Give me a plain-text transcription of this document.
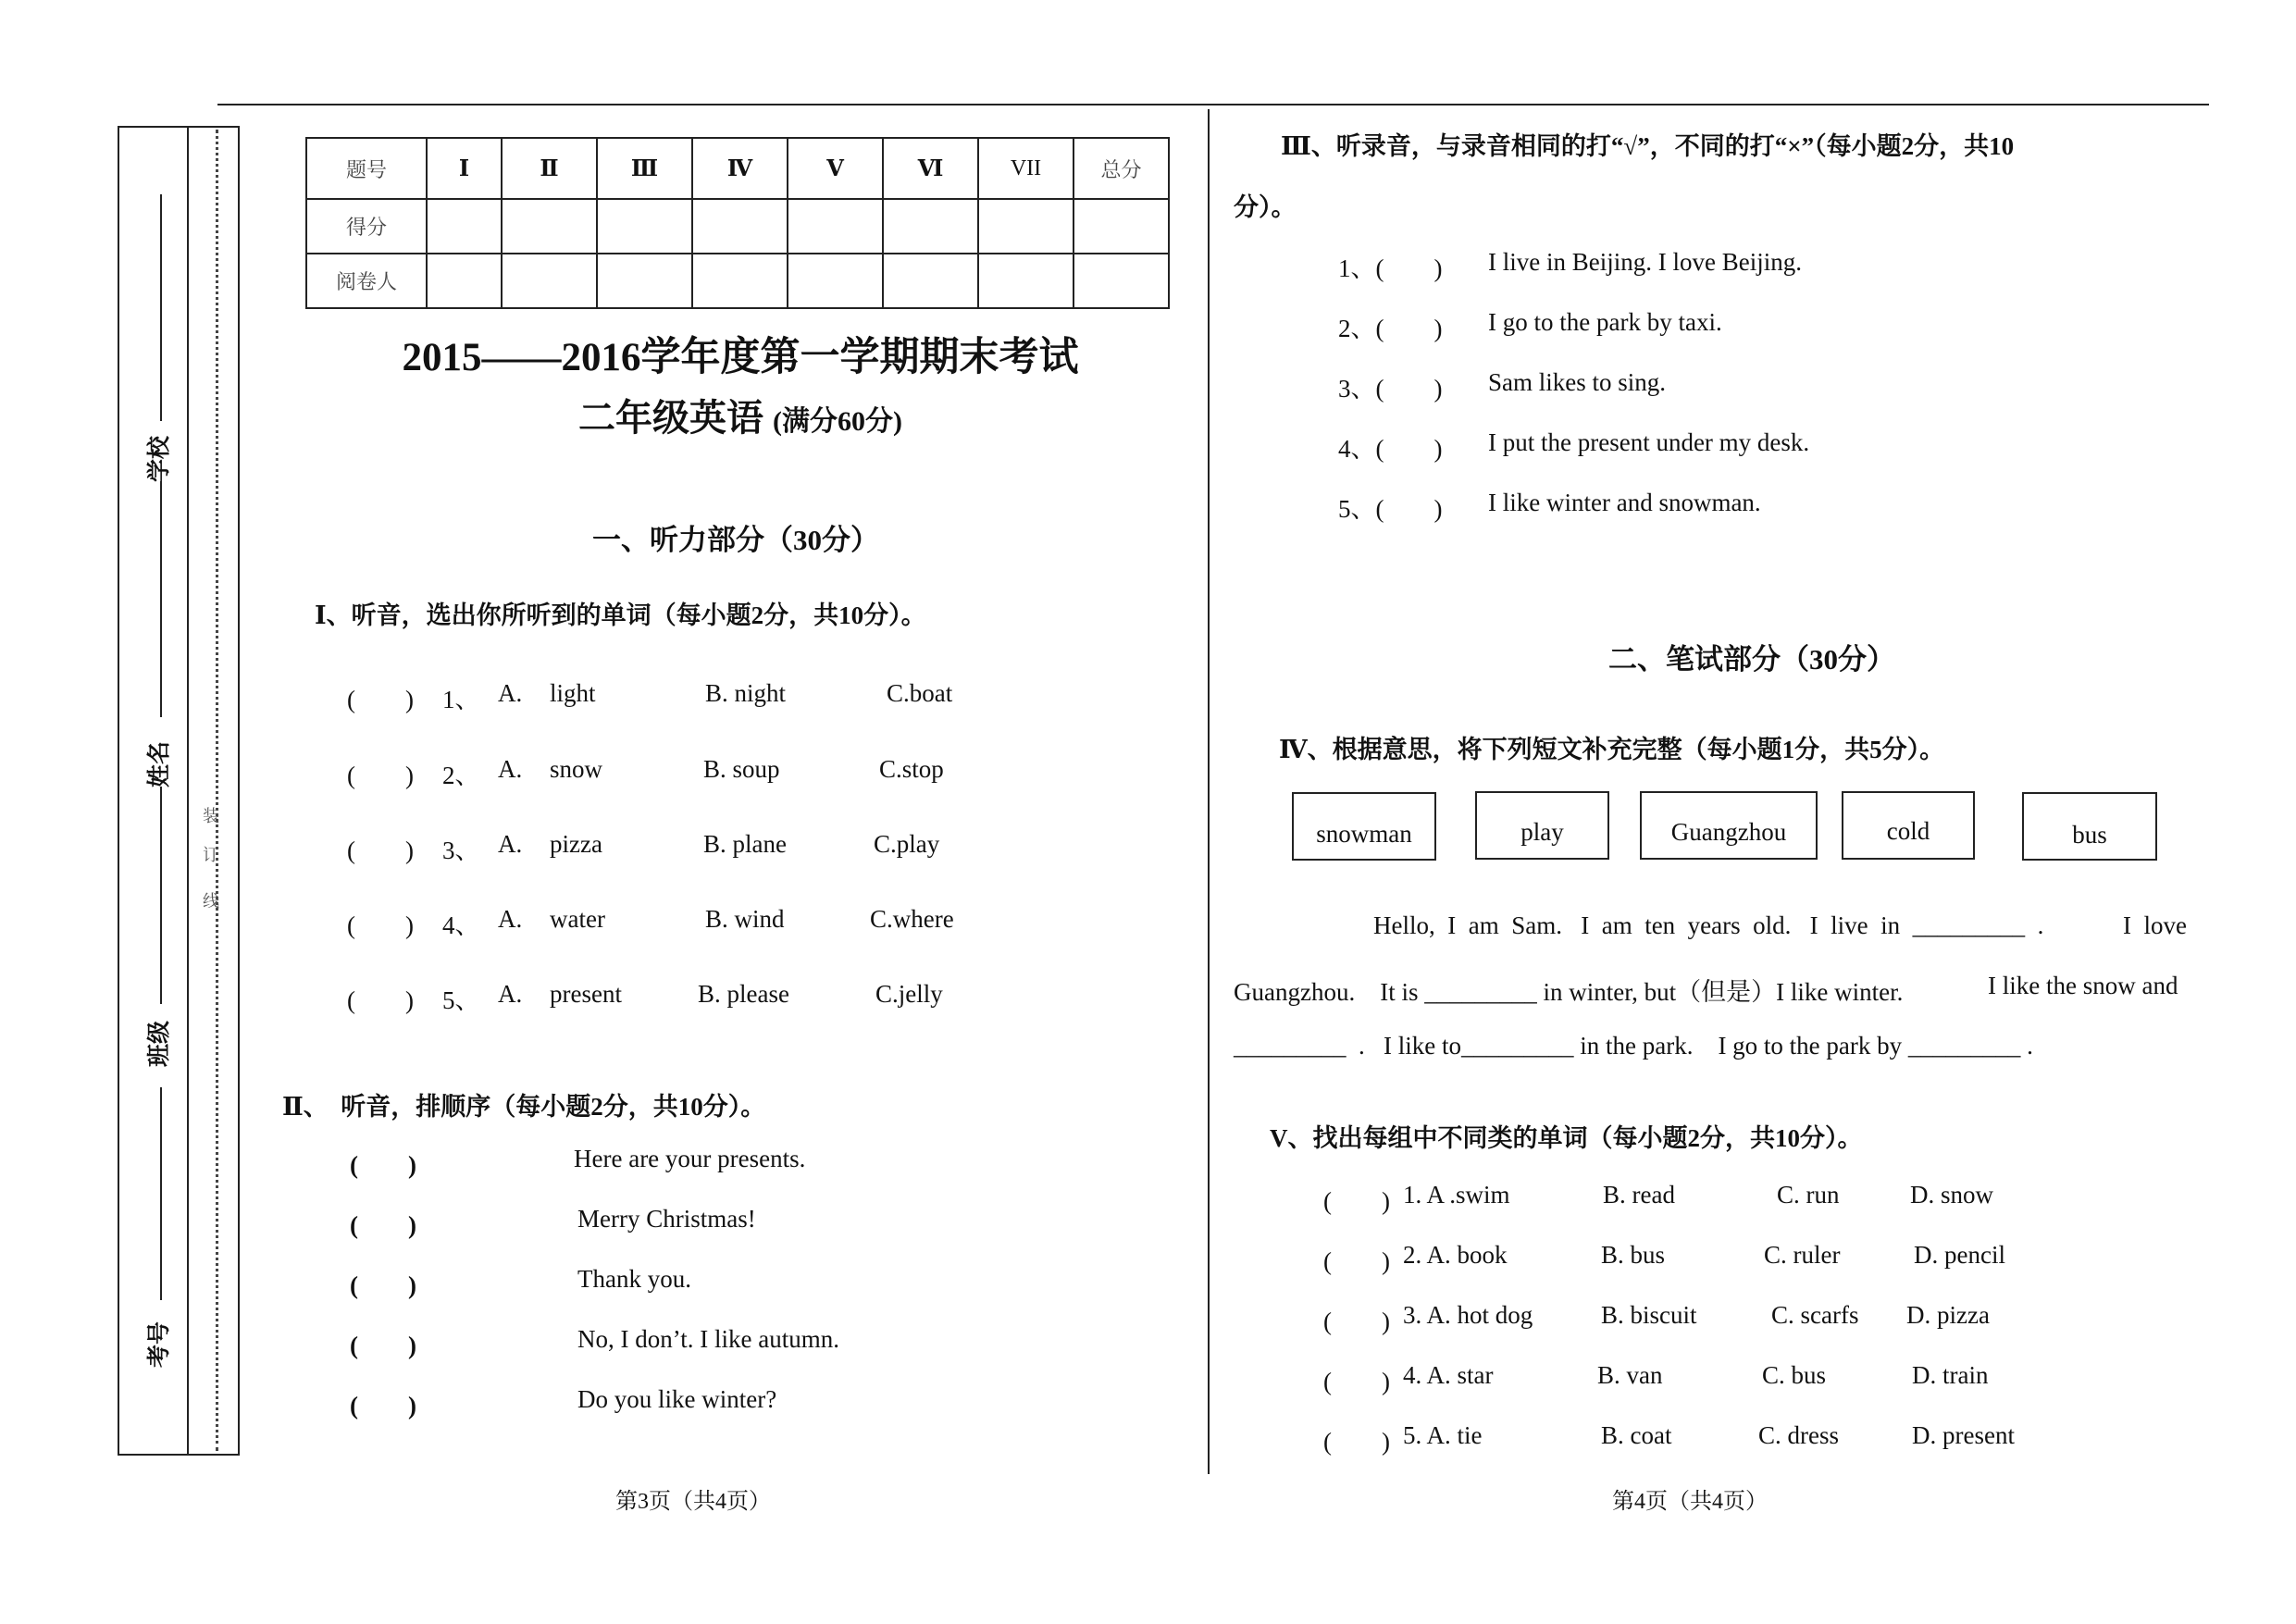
学校
姓名
班级
考号
装
订
线
题号	Ⅰ	Ⅱ	Ⅲ	Ⅳ	Ⅴ	Ⅵ	VII	总分
得分								
阅卷人								
2015——2016学年度第一学期期末考试
二年级英语 (满分60分)
一、听力部分（30分）
Ⅰ、听音，选出你所听到的单词（每小题2分，共10分）。
(　　) 1、 A. light	B. night	C.boat
(　　) 2、 A. snow	B. soup	C.stop
(　　) 3、 A. pizza	B. plane	C.play
(　　) 4、 A. water	B. wind	C.where
(　　) 5、 A. present	B. please	C.jelly
Ⅱ、　听音，排顺序（每小题2分，共10分）。
(　　)	Here are your presents.
(　　)	Merry Christmas!
(　　)	Thank you.
(　　)	No, I don’t. I like autumn.
(　　)	Do you like winter?
Ⅲ、听录音，与录音相同的打“√”，不同的打“×”（每小题2分，共10
分）。
1、(　　) I live in Beijing. I love Beijing.
2、(　　) I go to the park by taxi.
3、(　　) Sam likes to sing.
4、(　　) I put the present under my desk.
5、(　　) I like winter and snowman.
二、笔试部分（30分）
Ⅳ、根据意思，将下列短文补充完整（每小题1分，共5分）。
snowman	play	Guangzhou	cold	bus
Hello,  I  am  Sam.   I  am  ten  years  old.   I  live  in  _________  .	I  love
Guangzhou.    It is _________ in winter, but（但是）I like winter.	I like the snow and
_________  .   I like to_________ in the park.    I go to the park by _________ .
V、找出每组中不同类的单词（每小题2分，共10分）。
(　　) 1. A .swim	B. read	C. run	D. snow
(　　) 2. A. book	B. bus	C. ruler	D. pencil
(　　) 3. A. hot dog	B. biscuit	C. scarfs D. pizza
(　　) 4. A. star	B. van	C. bus	D. train
(　　) 5. A. tie	B. coat	C. dress	D. present
第3页（共4页）	第4页（共4页）
